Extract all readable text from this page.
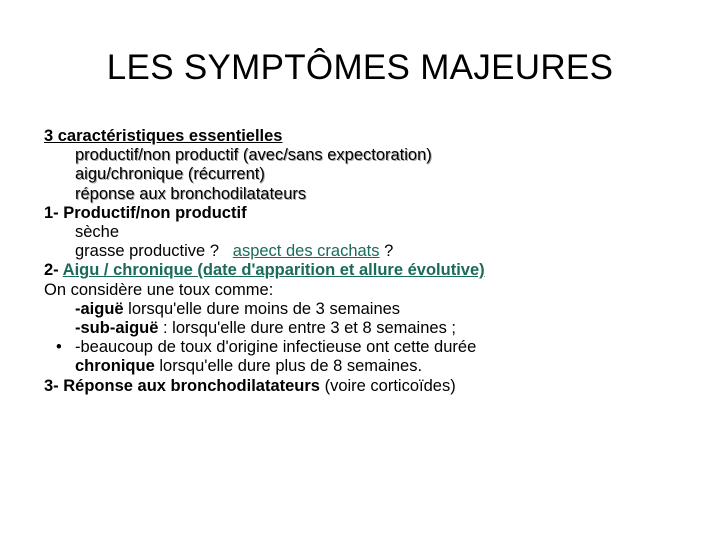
LES SYMPTÔMES MAJEURES
3 caractéristiques essentielles
productif/non productif (avec/sans expectoration)
aigu/chronique (récurrent)
réponse aux bronchodilatateurs
1- Productif/non productif
sèche
grasse productive ? aspect des crachats ?
2- Aigu / chronique (date d'apparition et allure évolutive)
On considère une toux comme:
-aiguë lorsqu'elle dure moins de 3 semaines
-sub-aiguë : lorsqu'elle dure entre 3 et 8 semaines ;
• -beaucoup de toux d'origine infectieuse ont cette durée
chronique lorsqu'elle dure plus de 8 semaines.
3- Réponse aux bronchodilatateurs (voire corticoïdes)
